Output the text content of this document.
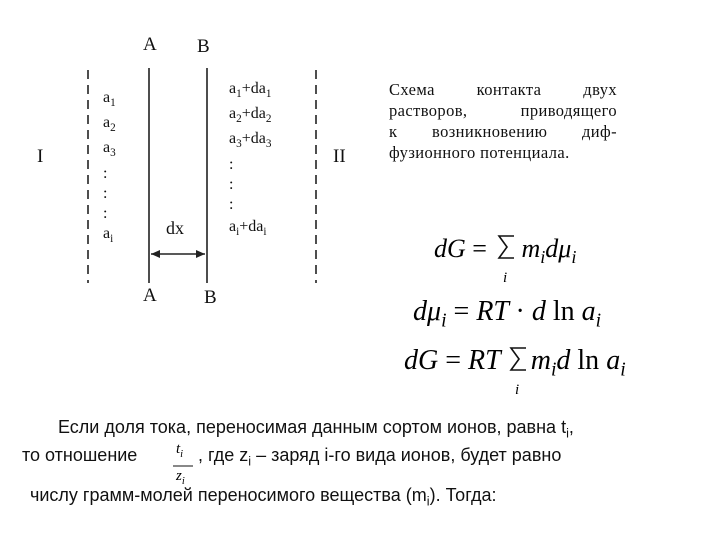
A B
A B
I	II
dx
$a_1$
$a_2$
$a_3$
:
:
:
$a_i$
$a_1+da_1$
$a_2+da_2$
$a_3+da_3$
:
:
:
$a_i+da_i$
Схема контакта двух
растворов, приводящего
к возникновению диф-
фузионного потенциала.
dG = $m_id\mu_i$
i
$d\mu_i$ = RT · d $\ln a_i$
dG = RT $m_id$ $\ln a_i$
i
Если доля тока, переносимая данным сортом ионов, равна $t_i$,
то отношение	$t_i$
$z_i$
, где $z_i$ – заряд i-го вида ионов, будет равно
числу грамм-молей переносимого вещества $(m_i)$. Тогда:
